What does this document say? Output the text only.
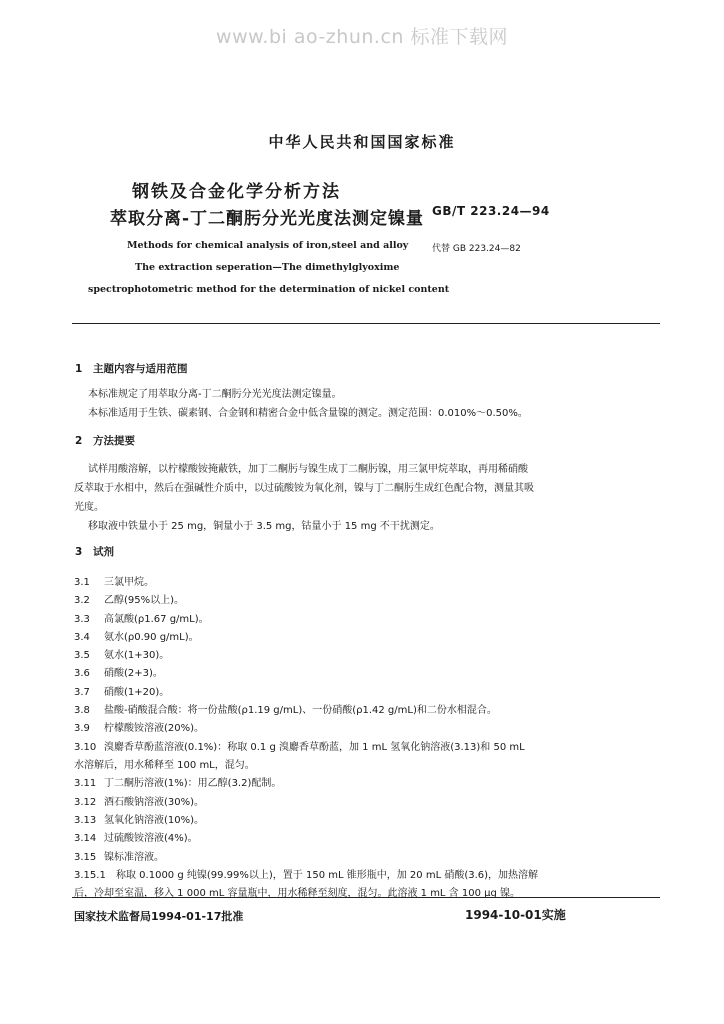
www.bi ao-zhun.cn 标准下载网
中华人民共和国国家标准
钢铁及合金化学分析方法
萃取分离-丁二酮肟分光光度法测定镍量 GB/T 223.24—94
Methods for chemical analysis of iron,steel and alloy
The extraction seperation—The dimethylglyoxime
spectrophotometric method for the determination of nickel content
代替 GB 223.24—82
1 主题内容与适用范围
本标准规定了用萃取分离-丁二酮肟分光光度法测定镍量。
本标准适用于生铁、碳素钢、合金钢和精密合金中低含量镍的测定。测定范围：0.010%～0.50%。
2 方法提要
试样用酸溶解，以柠檬酸铵掩蔽铁，加丁二酮肟与镍生成丁二酮肟镍，用三氯甲烷萃取，再用稀硝酸
反萃取于水相中，然后在强碱性介质中，以过硫酸铵为氧化剂，镍与丁二酮肟生成红色配合物，测量其吸
光度。
移取液中铁量小于 25 mg，铜量小于 3.5 mg，钴量小于 15 mg 不干扰测定。
3 试剂
3.1 三氯甲烷。
3.2 乙醇(95%以上)。
3.3 高氯酸(ρ1.67 g/mL)。
3.4 氨水(ρ0.90 g/mL)。
3.5 氨水(1+30)。
3.6 硝酸(2+3)。
3.7 硝酸(1+20)。
3.8 盐酸-硝酸混合酸：将一份盐酸(ρ1.19 g/mL)、一份硝酸(ρ1.42 g/mL)和二份水相混合。
3.9 柠檬酸铵溶液(20%)。
3.10 溴麝香草酚蓝溶液(0.1%)：称取 0.1 g 溴麝香草酚蓝，加 1 mL 氢氧化钠溶液(3.13)和 50 mL
水溶解后，用水稀释至 100 mL，混匀。
3.11 丁二酮肟溶液(1%)：用乙醇(3.2)配制。
3.12 酒石酸钠溶液(30%)。
3.13 氢氧化钠溶液(10%)。
3.14 过硫酸铵溶液(4%)。
3.15 镍标准溶液。
3.15.1 称取 0.1000 g 纯镍(99.99%以上)，置于 150 mL 锥形瓶中，加 20 mL 硝酸(3.6)，加热溶解
后，冷却至室温，移入 1 000 mL 容量瓶中，用水稀释至刻度，混匀。此溶液 1 mL 含 100 μg 镍。
国家技术监督局1994-01-17批准	1994-10-01实施
